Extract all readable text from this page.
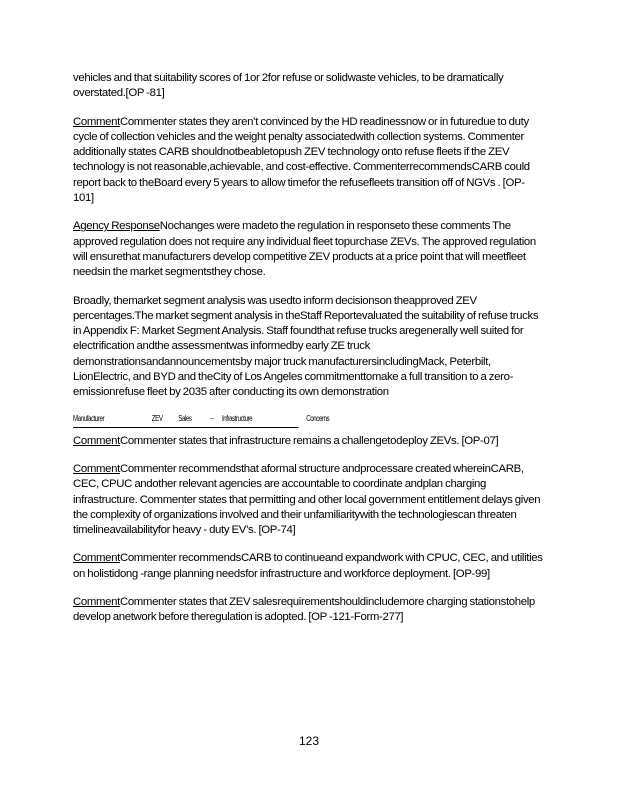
vehicles and that suitability scores of 1or 2for refuse or solidwaste vehicles, to be dramatically overstated.[OP -81]

CommentCommenter states they aren’t convinced by the HD readinessnow or in futuredue to duty cycle of collection vehicles and the weight penalty associatedwith collection systems. Commenter additionally states CARB shouldnotbeabletopush ZEV technology onto refuse fleets if the ZEV technology is not reasonable,achievable, and cost-effective. CommenterrecommendsCARB could report back to theBoard every 5 years to allow timefor the refusefleets transition off of NGVs . [OP-101]

Agency ResponseNochanges were madeto the regulation in responseto these comments The approved regulation does not require any individual fleet topurchase ZEVs. The approved regulation will ensurethat manufacturers develop competitive ZEV products at a price point that will meetfleet needsin the market segmentsthey chose.

Broadly, themarket segment analysis was usedto inform decisionson theapproved ZEV percentages.The market segment analysis in theStaff Reportevaluated the suitability of refuse trucks in Appendix F: Market Segment Analysis. Staff foundthat refuse trucks aregenerally well suited for electrification andthe assessmentwas informedby early ZE truck demonstrationsandannouncementsby major truck manufacturersincludingMack, Peterbilt, LionElectric, and BYD and theCity of Los Angeles commitmenttomake a full transition to a zero-emissionrefuse fleet by 2035 after conducting its own demonstration

Manufacturer	ZEV Sales – Infrastructure	Concerns

CommentCommenter states that infrastructure remains a challengetodeploy ZEVs. [OP-07]

CommentCommenter recommendsthat aformal structure andprocessare created whereinCARB, CEC, CPUC andother relevant agencies are accountable to coordinate andplan charging infrastructure. Commenter states that permitting and other local government entitlement delays given the complexity of organizations involved and their unfamiliaritywith the technologiescan threaten timelineavailabilityfor heavy - duty EV’s. [OP-74]

CommentCommenter recommendsCARB to continueand expandwork with CPUC, CEC, and utilities on holistidong -range planning needsfor infrastructure and workforce deployment. [OP-99]

CommentCommenter states that ZEV salesrequirementshouldincludemore charging stationstohelp develop anetwork before theregulation is adopted. [OP -121-Form-277]

123
